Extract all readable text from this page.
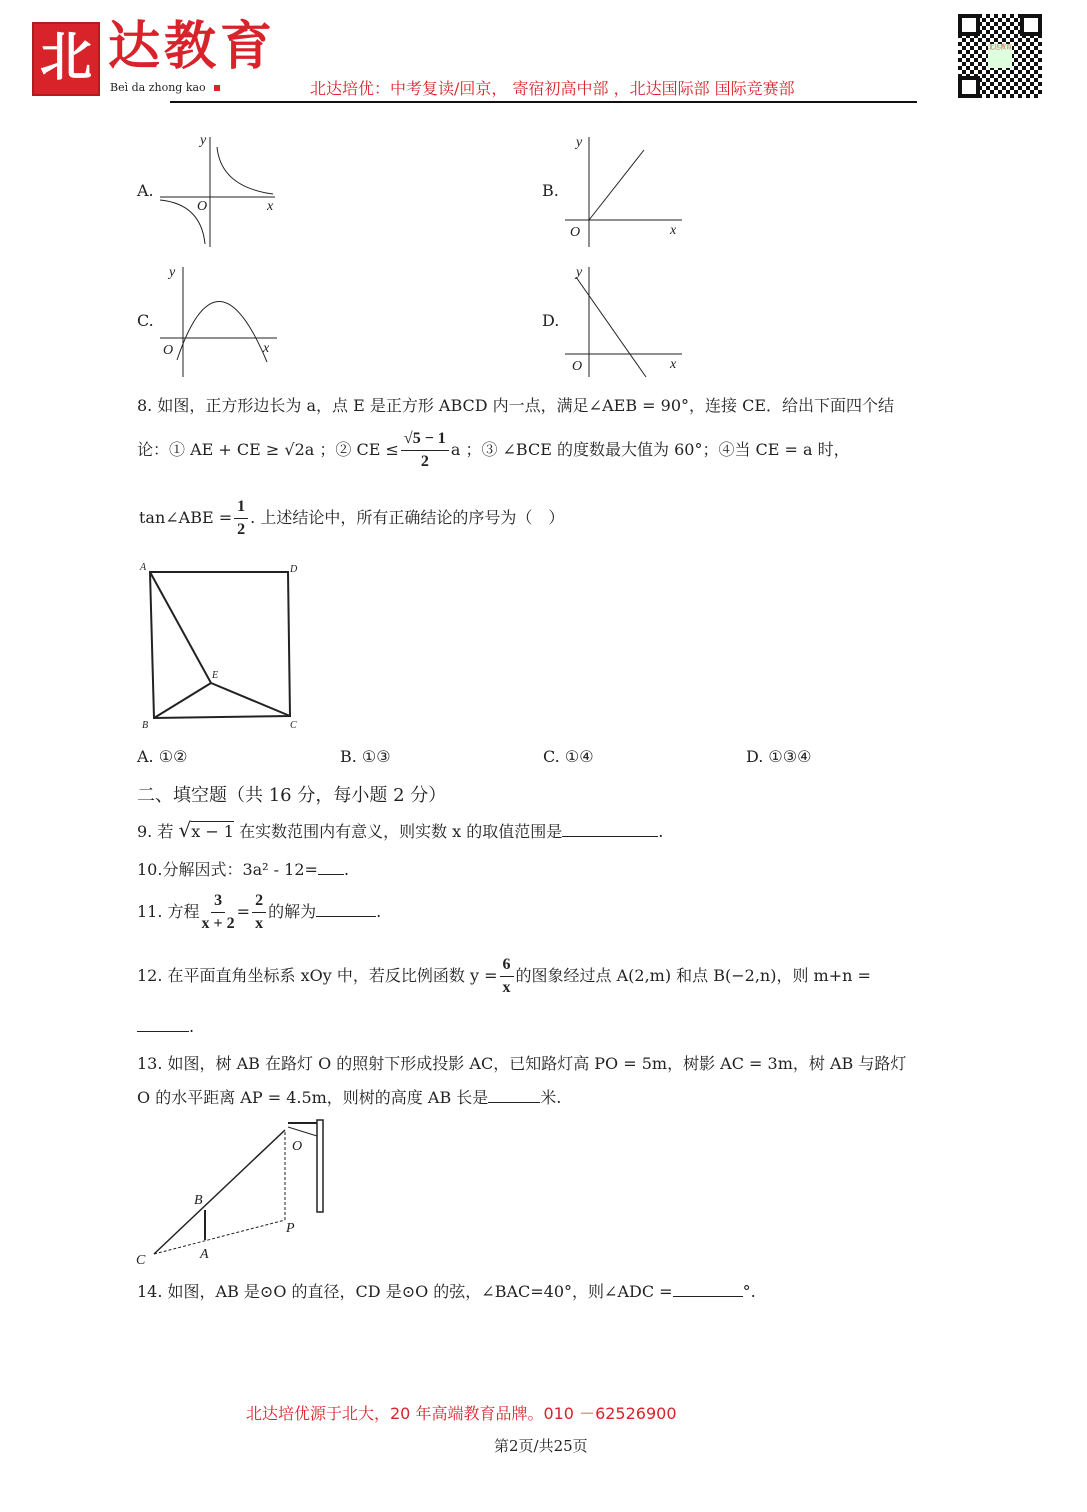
北 达教育
Beì da zhong kao	北达培优：中考复读/回京， 寄宿初高中部 ，北达国际部 国际竞赛部
北达教育
A.
y
x
O
B.
y
x
O
C.
y
x
O
D.
y
x
O
8. 如图，正方形边长为 a，点 E 是正方形 ABCD 内一点，满足∠AEB = 90°，连接 CE．给出下面四个结
论：① AE + CE ≥ √2a ；② CE ≤ $\frac{√5 - 1}{2}$ a ；③ ∠BCE 的度数最大值为 60°；④当 CE = a 时，
tan∠ABE = $\frac{1}{2}$ . 上述结论中，所有正确结论的序号为（　）
A	D
E
B	C
A. ①②	B. ①③	C. ①④	D. ①③④
二、填空题（共 16 分，每小题 2 分）
9. 若 √x − 1 在实数范围内有意义，则实数 x 的取值范围是	.
10.分解因式：3a² - 12= .
11. 方程 $\frac{3}{x + 2} = \frac{2}{x}$ 的解为	.
12. 在平面直角坐标系 xOy 中，若反比例函数 $y = \frac{6}{x}$ 的图象经过点 A(2,m) 和点 B(−2,n)，则 m+n =
.
13. 如图，树 AB 在路灯 O 的照射下形成投影 AC，已知路灯高 PO = 5m，树影 AC = 3m，树 AB 与路灯
O 的水平距离 AP = 4.5m，则树的高度 AB 长是	米.
O
B
P
C	A
14. 如图，AB 是⊙O 的直径，CD 是⊙O 的弦，∠BAC=40°，则∠ADC =	°.
北达培优源于北大，20 年高端教育品牌。010 －62526900
第2页/共25页
